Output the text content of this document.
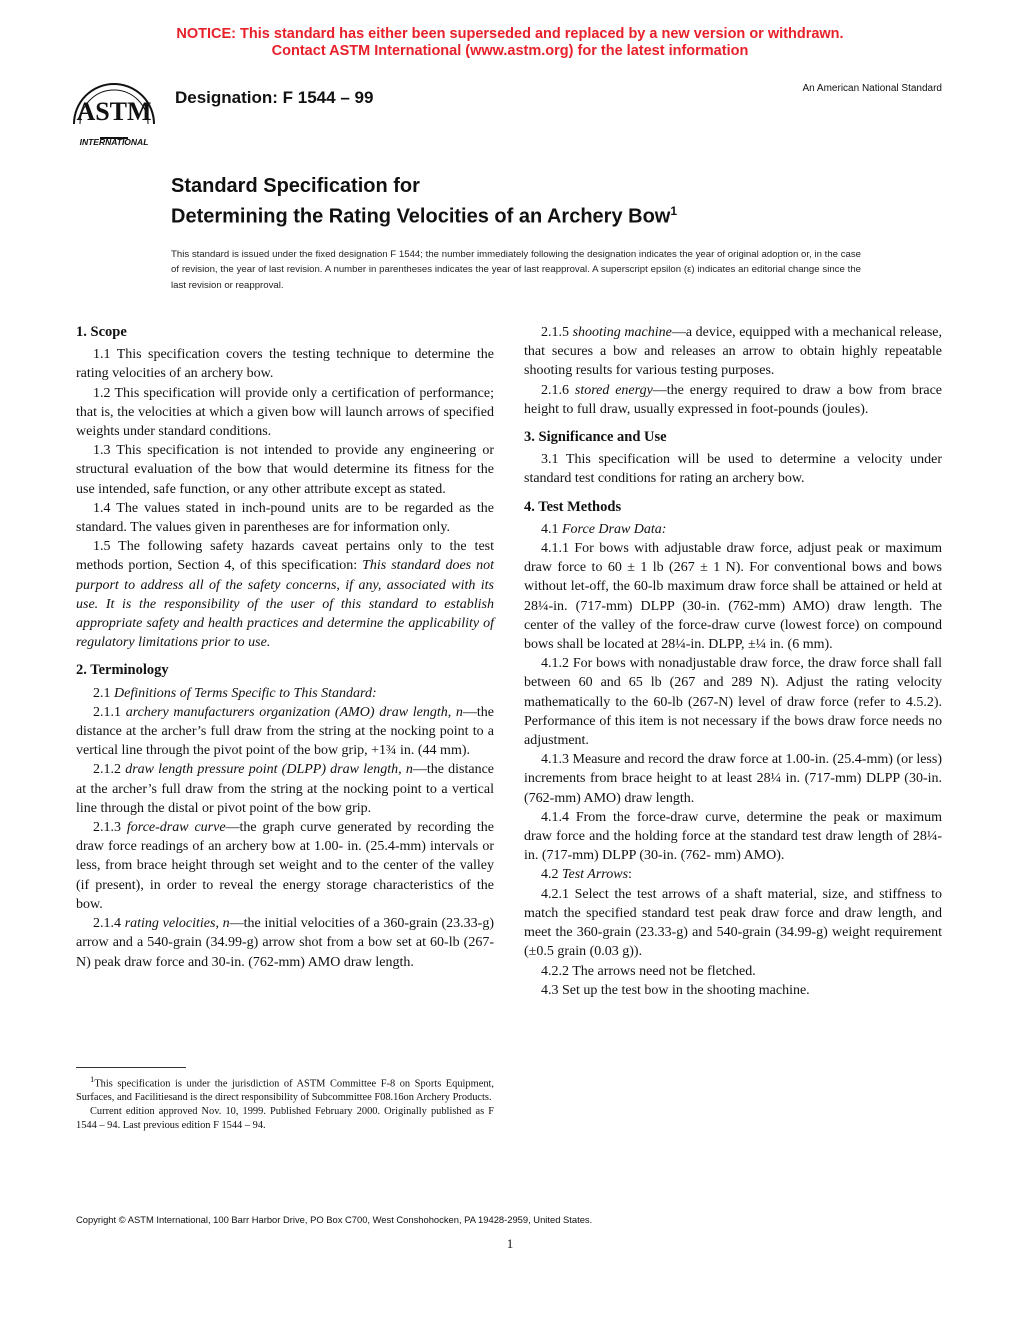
NOTICE: This standard has either been superseded and replaced by a new version or withdrawn.
Contact ASTM International (www.astm.org) for the latest information
ASTM
INTERNATIONAL
Designation: F 1544 – 99	An American National Standard
Standard Specification for
Determining the Rating Velocities of an Archery Bow$^1$
This standard is issued under the fixed designation F 1544; the number immediately following the designation indicates the year of original adoption or, in the case of revision, the year of last revision. A number in parentheses indicates the year of last reapproval. A superscript epsilon (ε) indicates an editorial change since the last revision or reapproval.
1. Scope

1.1 This specification covers the testing technique to determine the rating velocities of an archery bow.

1.2 This specification will provide only a certification of performance; that is, the velocities at which a given bow will launch arrows of specified weights under standard conditions.

1.3 This specification is not intended to provide any engineering or structural evaluation of the bow that would determine its fitness for the use intended, safe function, or any other attribute except as stated.

1.4 The values stated in inch-pound units are to be regarded as the standard. The values given in parentheses are for information only.

1.5 The following safety hazards caveat pertains only to the test methods portion, Section 4, of this specification: This standard does not purport to address all of the safety concerns, if any, associated with its use. It is the responsibility of the user of this standard to establish appropriate safety and health practices and determine the applicability of regulatory limitations prior to use.

2. Terminology

2.1 Definitions of Terms Specific to This Standard:

2.1.1 archery manufacturers organization (AMO) draw length, n—the distance at the archer’s full draw from the string at the nocking point to a vertical line through the pivot point of the bow grip, +1¾ in. (44 mm).

2.1.2 draw length pressure point (DLPP) draw length, n—the distance at the archer’s full draw from the string at the nocking point to a vertical line through the distal or pivot point of the bow grip.

2.1.3 force-draw curve—the graph curve generated by recording the draw force readings of an archery bow at 1.00- in. (25.4-mm) intervals or less, from brace height through set weight and to the center of the valley (if present), in order to reveal the energy storage characteristics of the bow.

2.1.4 rating velocities, n—the initial velocities of a 360-grain (23.33-g) arrow and a 540-grain (34.99-g) arrow shot from a bow set at 60-lb (267-N) peak draw force and 30-in. (762-mm) AMO draw length.

2.1.5 shooting machine—a device, equipped with a mechanical release, that secures a bow and releases an arrow to obtain highly repeatable shooting results for various testing purposes.

2.1.6 stored energy—the energy required to draw a bow from brace height to full draw, usually expressed in foot-pounds (joules).

3. Significance and Use

3.1 This specification will be used to determine a velocity under standard test conditions for rating an archery bow.

4. Test Methods

4.1 Force Draw Data:

4.1.1 For bows with adjustable draw force, adjust peak or maximum draw force to 60 ± 1 lb (267 ± 1 N). For conventional bows and bows without let-off, the 60-lb maximum draw force shall be attained or held at 28¼-in. (717-mm) DLPP (30-in. (762-mm) AMO) draw length. The center of the valley of the force-draw curve (lowest force) on compound bows shall be located at 28¼-in. DLPP, ±¼ in. (6 mm).

4.1.2 For bows with nonadjustable draw force, the draw force shall fall between 60 and 65 lb (267 and 289 N). Adjust the rating velocity mathematically to the 60-lb (267-N) level of draw force (refer to 4.5.2). Performance of this item is not necessary if the bows draw force needs no adjustment.

4.1.3 Measure and record the draw force at 1.00-in. (25.4-mm) (or less) increments from brace height to at least 28¼ in. (717-mm) DLPP (30-in. (762-mm) AMO) draw length.

4.1.4 From the force-draw curve, determine the peak or maximum draw force and the holding force at the standard test draw length of 28¼-in. (717-mm) DLPP (30-in. (762- mm) AMO).

4.2 Test Arrows:

4.2.1 Select the test arrows of a shaft material, size, and stiffness to match the specified standard test peak draw force and draw length, and meet the 360-grain (23.33-g) and 540-grain (34.99-g) weight requirement (±0.5 grain (0.03 g)).

4.2.2 The arrows need not be fletched.

4.3 Set up the test bow in the shooting machine.

$^1$This specification is under the jurisdiction of ASTM Committee F-8 on Sports Equipment, Surfaces, and Facilitiesand is the direct responsibility of Subcommittee F08.16on Archery Products.

Current edition approved Nov. 10, 1999. Published February 2000. Originally published as F 1544 – 94. Last previous edition F 1544 – 94.

Copyright © ASTM International, 100 Barr Harbor Drive, PO Box C700, West Conshohocken, PA 19428-2959, United States.
1
